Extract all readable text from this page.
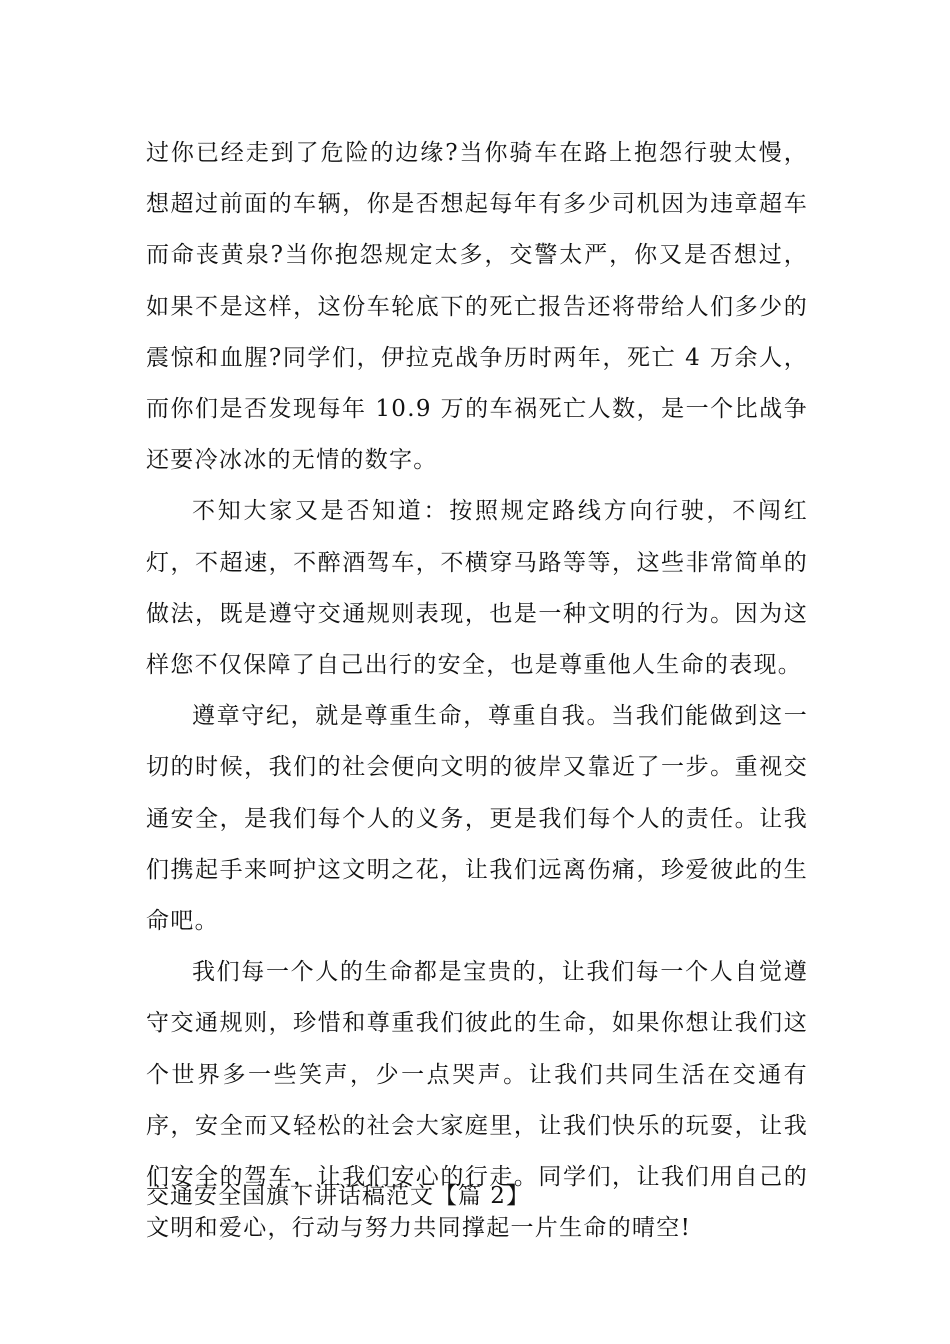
过你已经走到了危险的边缘?当你骑车在路上抱怨行驶太慢，想超过前面的车辆，你是否想起每年有多少司机因为违章超车而命丧黄泉?当你抱怨规定太多，交警太严，你又是否想过，如果不是这样，这份车轮底下的死亡报告还将带给人们多少的震惊和血腥?同学们，伊拉克战争历时两年，死亡 4 万余人，而你们是否发现每年 10.9 万的车祸死亡人数，是一个比战争还要冷冰冰的无情的数字。

不知大家又是否知道：按照规定路线方向行驶，不闯红灯，不超速，不醉酒驾车，不横穿马路等等，这些非常简单的做法，既是遵守交通规则表现，也是一种文明的行为。因为这样您不仅保障了自己出行的安全，也是尊重他人生命的表现。

遵章守纪，就是尊重生命，尊重自我。当我们能做到这一切的时候，我们的社会便向文明的彼岸又靠近了一步。重视交通安全，是我们每个人的义务，更是我们每个人的责任。让我们携起手来呵护这文明之花，让我们远离伤痛，珍爱彼此的生命吧。

我们每一个人的生命都是宝贵的，让我们每一个人自觉遵守交通规则，珍惜和尊重我们彼此的生命，如果你想让我们这个世界多一些笑声，少一点哭声。让我们共同生活在交通有序，安全而又轻松的社会大家庭里，让我们快乐的玩耍，让我们安全的驾车，让我们安心的行走。同学们，让我们用自己的文明和爱心，行动与努力共同撑起一片生命的晴空!

交通安全国旗下讲话稿范文【篇 2】
